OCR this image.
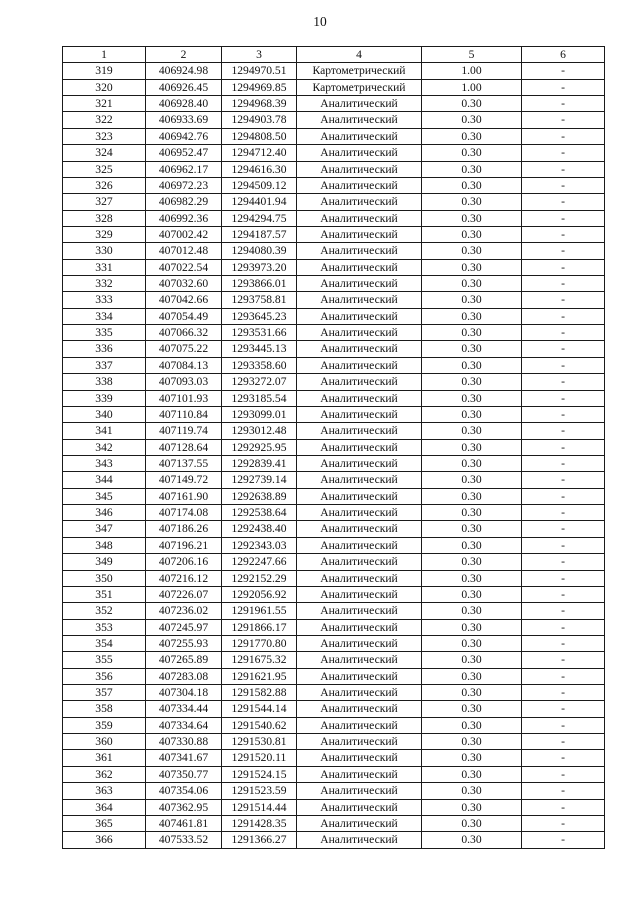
10
1	2	3	4	5	6
319	406924.98	1294970.51	Картометрический	1.00	-
320	406926.45	1294969.85	Картометрический	1.00	-
321	406928.40	1294968.39	Аналитический	0.30	-
322	406933.69	1294903.78	Аналитический	0.30	-
323	406942.76	1294808.50	Аналитический	0.30	-
324	406952.47	1294712.40	Аналитический	0.30	-
325	406962.17	1294616.30	Аналитический	0.30	-
326	406972.23	1294509.12	Аналитический	0.30	-
327	406982.29	1294401.94	Аналитический	0.30	-
328	406992.36	1294294.75	Аналитический	0.30	-
329	407002.42	1294187.57	Аналитический	0.30	-
330	407012.48	1294080.39	Аналитический	0.30	-
331	407022.54	1293973.20	Аналитический	0.30	-
332	407032.60	1293866.01	Аналитический	0.30	-
333	407042.66	1293758.81	Аналитический	0.30	-
334	407054.49	1293645.23	Аналитический	0.30	-
335	407066.32	1293531.66	Аналитический	0.30	-
336	407075.22	1293445.13	Аналитический	0.30	-
337	407084.13	1293358.60	Аналитический	0.30	-
338	407093.03	1293272.07	Аналитический	0.30	-
339	407101.93	1293185.54	Аналитический	0.30	-
340	407110.84	1293099.01	Аналитический	0.30	-
341	407119.74	1293012.48	Аналитический	0.30	-
342	407128.64	1292925.95	Аналитический	0.30	-
343	407137.55	1292839.41	Аналитический	0.30	-
344	407149.72	1292739.14	Аналитический	0.30	-
345	407161.90	1292638.89	Аналитический	0.30	-
346	407174.08	1292538.64	Аналитический	0.30	-
347	407186.26	1292438.40	Аналитический	0.30	-
348	407196.21	1292343.03	Аналитический	0.30	-
349	407206.16	1292247.66	Аналитический	0.30	-
350	407216.12	1292152.29	Аналитический	0.30	-
351	407226.07	1292056.92	Аналитический	0.30	-
352	407236.02	1291961.55	Аналитический	0.30	-
353	407245.97	1291866.17	Аналитический	0.30	-
354	407255.93	1291770.80	Аналитический	0.30	-
355	407265.89	1291675.32	Аналитический	0.30	-
356	407283.08	1291621.95	Аналитический	0.30	-
357	407304.18	1291582.88	Аналитический	0.30	-
358	407334.44	1291544.14	Аналитический	0.30	-
359	407334.64	1291540.62	Аналитический	0.30	-
360	407330.88	1291530.81	Аналитический	0.30	-
361	407341.67	1291520.11	Аналитический	0.30	-
362	407350.77	1291524.15	Аналитический	0.30	-
363	407354.06	1291523.59	Аналитический	0.30	-
364	407362.95	1291514.44	Аналитический	0.30	-
365	407461.81	1291428.35	Аналитический	0.30	-
366	407533.52	1291366.27	Аналитический	0.30	-
